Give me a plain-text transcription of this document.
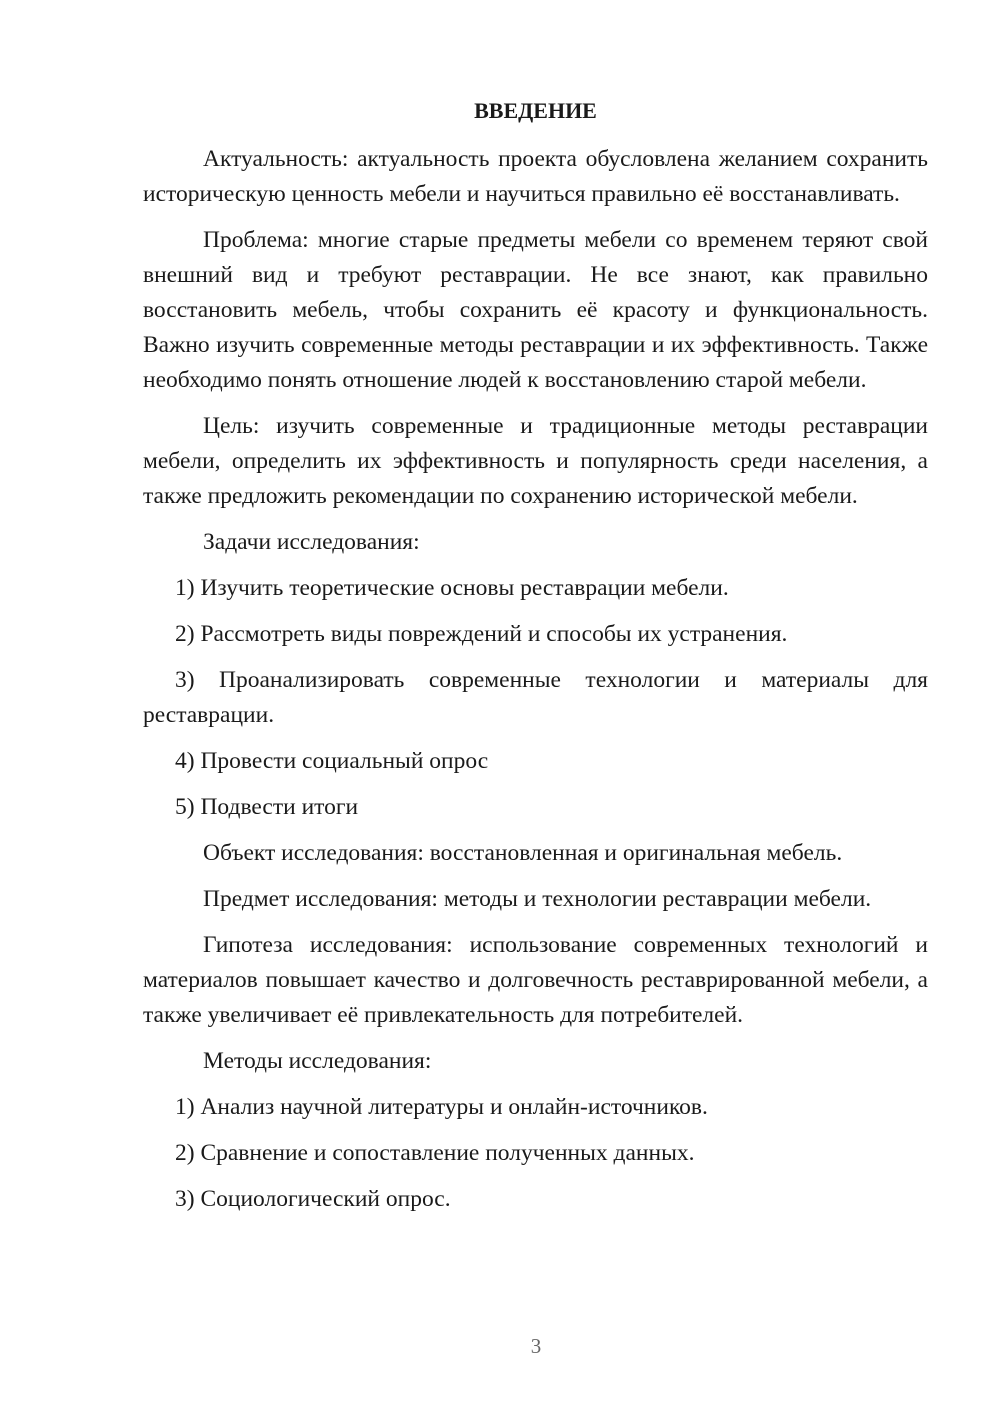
ВВЕДЕНИЕ

Актуальность: актуальность проекта обусловлена желанием сохранить историческую ценность мебели и научиться правильно её восстанавливать.

Проблема: многие старые предметы мебели со временем теряют свой внешний вид и требуют реставрации. Не все знают, как правильно восстановить мебель, чтобы сохранить её красоту и функциональность. Важно изучить современные методы реставрации и их эффективность. Также необходимо понять отношение людей к восстановлению старой мебели.

Цель: изучить современные и традиционные методы реставрации мебели, определить их эффективность и популярность среди населения, а также предложить рекомендации по сохранению исторической мебели.

Задачи исследования:

1) Изучить теоретические основы реставрации мебели.

2) Рассмотреть виды повреждений и способы их устранения.

3) Проанализировать современные технологии и материалы для реставрации.

4) Провести социальный опрос

5) Подвести итоги

Объект исследования: восстановленная и оригинальная мебель.

Предмет исследования: методы и технологии реставрации мебели.

Гипотеза исследования: использование современных технологий и материалов повышает качество и долговечность реставрированной мебели, а также увеличивает её привлекательность для потребителей.

Методы исследования:

1) Анализ научной литературы и онлайн-источников.

2) Сравнение и сопоставление полученных данных.

3) Социологический опрос.

3
